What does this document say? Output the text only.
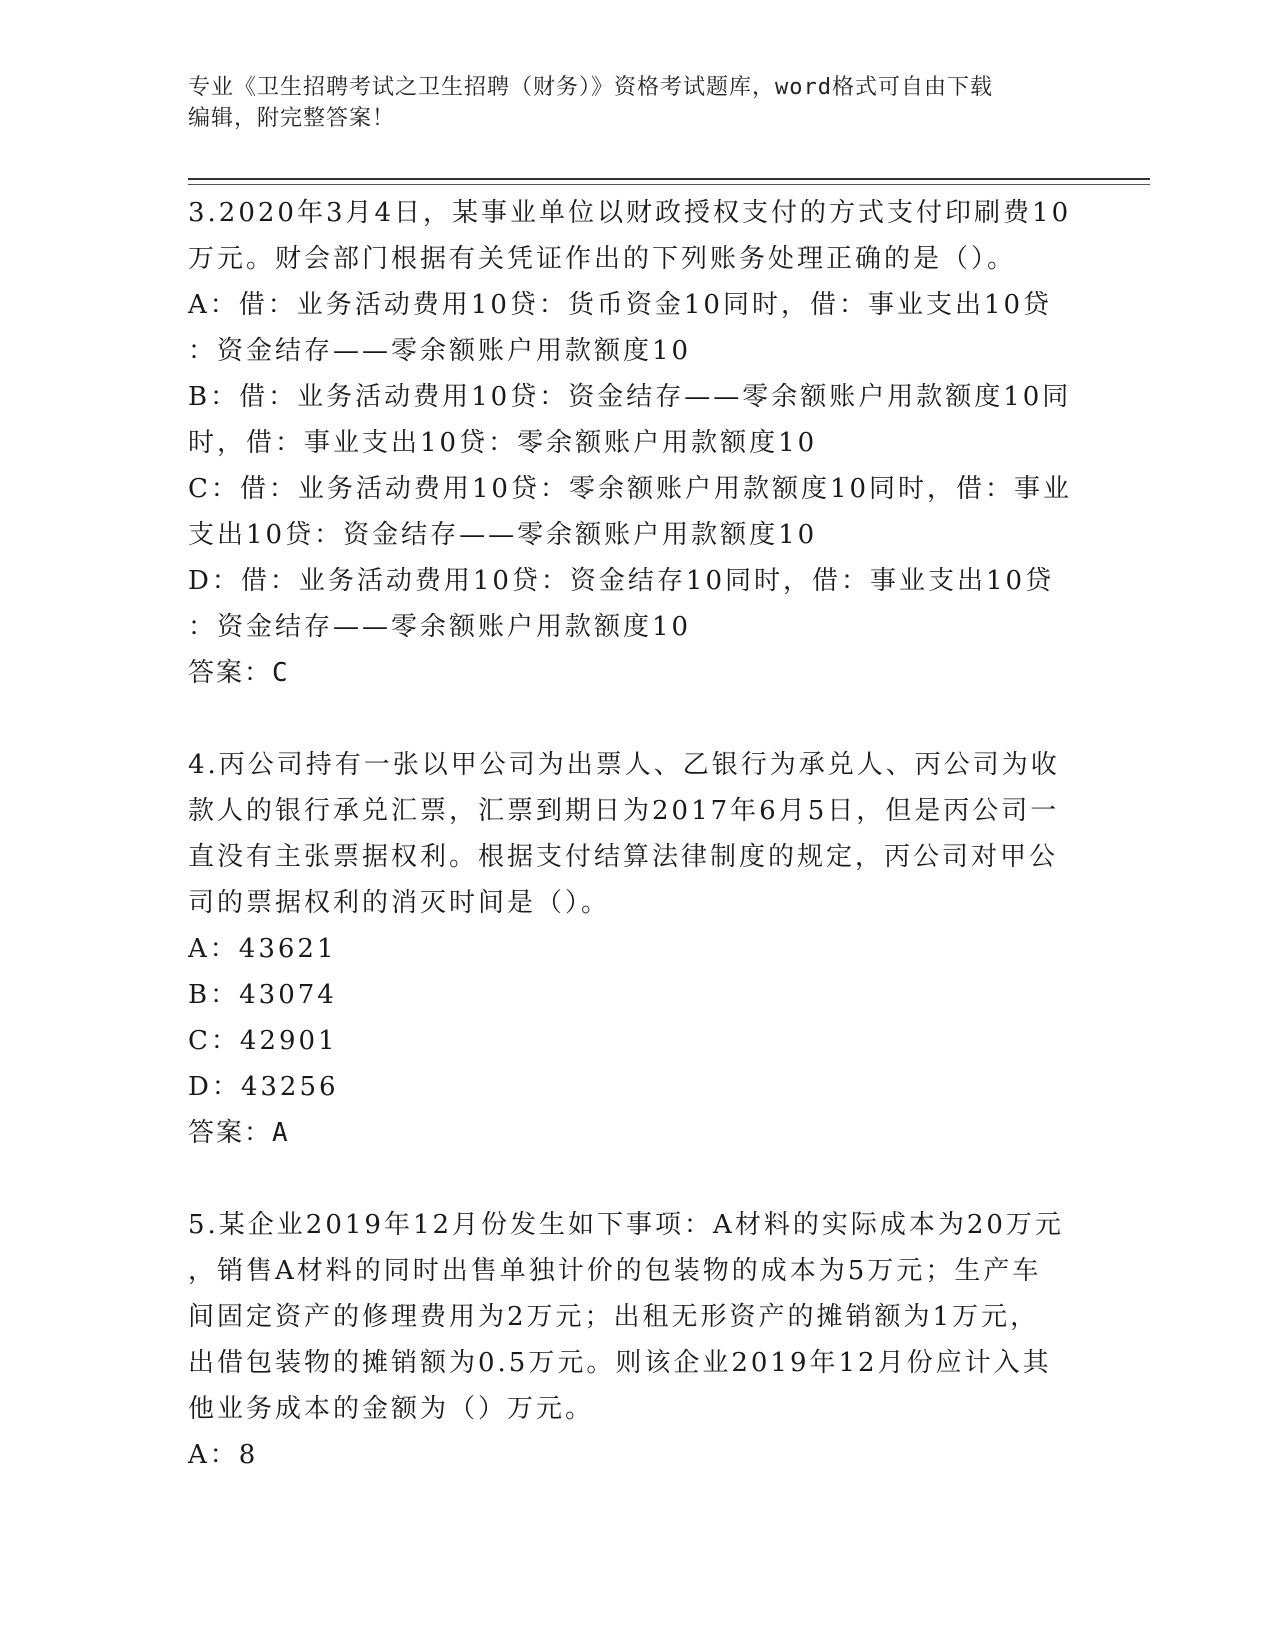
专业《卫生招聘考试之卫生招聘（财务）》资格考试题库，word格式可自由下载
编辑，附完整答案！
3.2020年3月4日，某事业单位以财政授权支付的方式支付印刷费10
万元。财会部门根据有关凭证作出的下列账务处理正确的是（）。
A：借：业务活动费用10贷：货币资金10同时，借：事业支出10贷
：资金结存——零余额账户用款额度10
B：借：业务活动费用10贷：资金结存——零余额账户用款额度10同
时，借：事业支出10贷：零余额账户用款额度10
C：借：业务活动费用10贷：零余额账户用款额度10同时，借：事业
支出10贷：资金结存——零余额账户用款额度10
D：借：业务活动费用10贷：资金结存10同时，借：事业支出10贷
：资金结存——零余额账户用款额度10
答案：C
4.丙公司持有一张以甲公司为出票人、乙银行为承兑人、丙公司为收
款人的银行承兑汇票，汇票到期日为2017年6月5日，但是丙公司一
直没有主张票据权利。根据支付结算法律制度的规定，丙公司对甲公
司的票据权利的消灭时间是（）。
A：43621
B：43074
C：42901
D：43256
答案：A
5.某企业2019年12月份发生如下事项：A材料的实际成本为20万元
，销售A材料的同时出售单独计价的包装物的成本为5万元；生产车
间固定资产的修理费用为2万元；出租无形资产的摊销额为1万元，
出借包装物的摊销额为0.5万元。则该企业2019年12月份应计入其
他业务成本的金额为（）万元。
A：8
